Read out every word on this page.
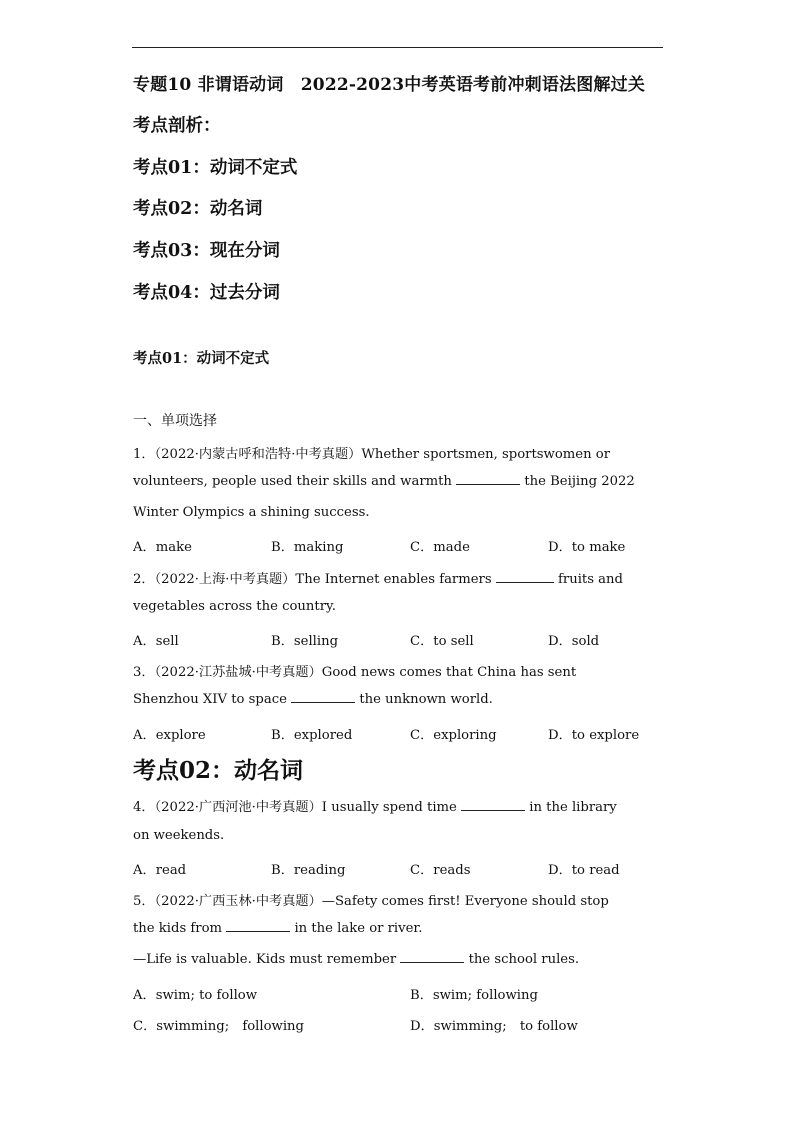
专题10 非谓语动词　2022-2023中考英语考前冲刺语法图解过关
考点剖析：
考点01：动词不定式
考点02：动名词
考点03：现在分词
考点04：过去分词
考点01：动词不定式
一、单项选择
1．（2022·内蒙古呼和浩特·中考真题）Whether sportsmen, sportswomen or
volunteers, people used their skills and warmth	the Beijing 2022
Winter Olympics a shining success.
A．make	B．making	C．made	D．to make
2．（2022·上海·中考真题）The Internet enables farmers	fruits and
vegetables across the country.
A．sell	B．selling	C．to sell	D．sold
3．（2022·江苏盐城·中考真题）Good news comes that China has sent
Shenzhou XIV to space	the unknown world.
A．explore	B．explored	C．exploring	D．to explore
考点02：动名词
4．（2022·广西河池·中考真题）I usually spend time	in the library
on weekends.
A．read	B．reading	C．reads	D．to read
5．（2022·广西玉林·中考真题）—Safety comes first! Everyone should stop
the kids from	in the lake or river.
—Life is valuable. Kids must remember	the school rules.
A．swim; to follow	B．swim; following
C．swimming;　following	D．swimming;　to follow
